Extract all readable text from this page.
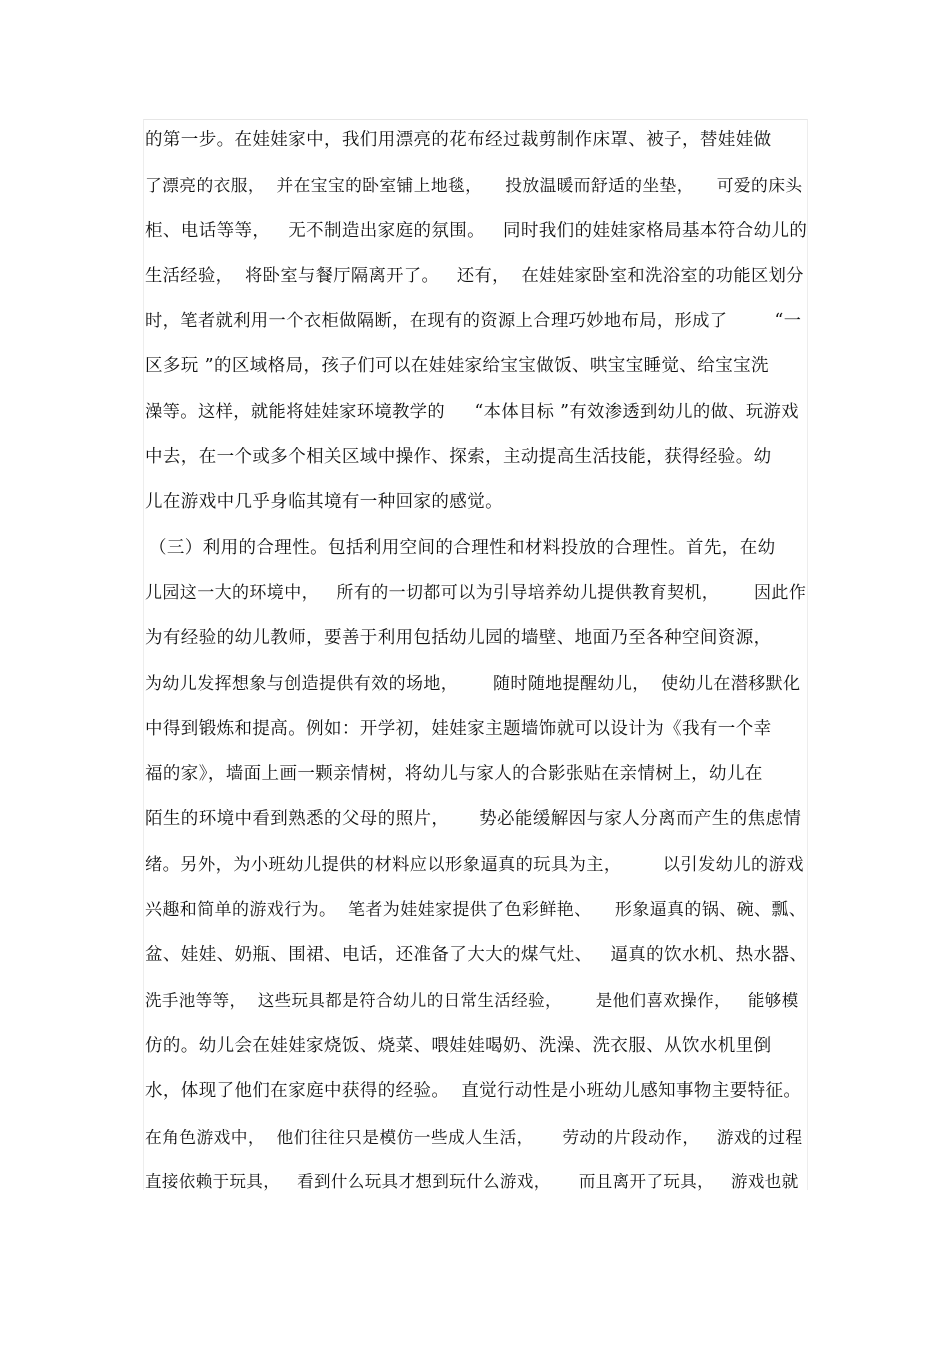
的第一步。在娃娃家中，我们用漂亮的花布经过裁剪制作床罩、被子，替娃娃做
了漂亮的衣服，  并在宝宝的卧室铺上地毯，    投放温暖而舒适的坐垫，    可爱的床头
柜、电话等等，   无不制造出家庭的氛围。   同时我们的娃娃家格局基本符合幼儿的
生活经验，  将卧室与餐厅隔离开了。   还有，  在娃娃家卧室和洗浴室的功能区划分
时，笔者就利用一个衣柜做隔断，在现有的资源上合理巧妙地布局，形成了        “一
区多玩 ”的区域格局，孩子们可以在娃娃家给宝宝做饭、哄宝宝睡觉、给宝宝洗
澡等。这样，就能将娃娃家环境教学的     “本体目标 ”有效渗透到幼儿的做、玩游戏
中去，在一个或多个相关区域中操作、探索，主动提高生活技能，获得经验。幼
儿在游戏中几乎身临其境有一种回家的感觉。
（三）利用的合理性。包括利用空间的合理性和材料投放的合理性。首先，在幼
儿园这一大的环境中，   所有的一切都可以为引导培养幼儿提供教育契机，      因此作
为有经验的幼儿教师，要善于利用包括幼儿园的墙壁、地面乃至各种空间资源，
为幼儿发挥想象与创造提供有效的场地，      随时随地提醒幼儿，  使幼儿在潜移默化
中得到锻炼和提高。例如：开学初，娃娃家主题墙饰就可以设计为《我有一个幸
福的家》，墙面上画一颗亲情树，将幼儿与家人的合影张贴在亲情树上，幼儿在
陌生的环境中看到熟悉的父母的照片，     势必能缓解因与家人分离而产生的焦虑情
绪。另外，为小班幼儿提供的材料应以形象逼真的玩具为主，       以引发幼儿的游戏
兴趣和简单的游戏行为。  笔者为娃娃家提供了色彩鲜艳、    形象逼真的锅、碗、瓢、
盆、娃娃、奶瓶、围裙、电话，还准备了大大的煤气灶、   逼真的饮水机、热水器、
洗手池等等，  这些玩具都是符合幼儿的日常生活经验，      是他们喜欢操作，   能够模
仿的。幼儿会在娃娃家烧饭、烧菜、喂娃娃喝奶、洗澡、洗衣服、从饮水机里倒
水，体现了他们在家庭中获得的经验。  直觉行动性是小班幼儿感知事物主要特征。
在角色游戏中，  他们往往只是模仿一些成人生活，     劳动的片段动作，   游戏的过程
直接依赖于玩具，   看到什么玩具才想到玩什么游戏，     而且离开了玩具，   游戏也就
